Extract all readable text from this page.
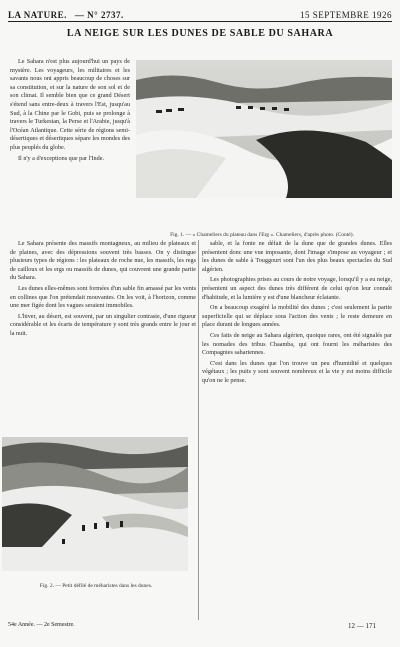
LA NATURE. — N° 2737.	15 SEPTEMBRE 1926
LA NEIGE SUR LES DUNES DE SABLE DU SAHARA
Fig. 1. — « Chameliers du plateau dans l'Erg ». Chameliers, d'après photo. (Conté).

Le Sahara n'est plus aujourd'hui un pays de mystère. Les voyageurs, les militaires et les savants nous ont appris beaucoup de choses sur sa constitution, et sur la nature de son sol et de son climat. Il semble bien que ce grand Désert s'étend sans entre-deux à travers l'Est, jusqu'au Sud, à la Chine par le Gobi, puis se prolonge à travers le Turkestan, la Perse et l'Arabie, jusqu'à l'Océan Atlantique. Cette série de régions semi-désertiques et désertiques sépare les mondes des plus peuplés du globe.

Il n'y a d'exceptions que par l'Inde.

Le Sahara présente des massifs montagneux, au milieu de plateaux et de plaines, avec des dépressions souvent très basses. On y distingue plusieurs types de régions : les plateaux de roche nue, les massifs, les regs de cailloux et les ergs ou massifs de dunes, qui couvrent une grande partie du Sahara.

Les dunes elles-mêmes sont formées d'un sable fin amassé par les vents en collines que l'on prétendait mouvantes. On les voit, à l'horizon, comme une mer figée dont les vagues seraient immobiles.

L'hiver, au désert, est souvent, par un singulier contraste, d'une rigueur considérable et les écarts de température y sont très grands entre le jour et la nuit.

sable, et la fonte ne défait de la dune que de grandes dunes. Elles présentent donc une vue imposante, dont l'image s'impose au voyageur ; et les dunes de sable à Touggourt sont l'un des plus beaux spectacles du Sud algérien.

Les photographies prises au cours de notre voyage, lorsqu'il y a eu neige, présentent un aspect des dunes très différent de celui qu'on leur connaît d'habitude, et la lumière y est d'une blancheur éclatante.

On a beaucoup exagéré la mobilité des dunes ; c'est seulement la partie superficielle qui se déplace sous l'action des vents ; le reste demeure en place durant de longues années.

Ces faits de neige au Sahara algérien, quoique rares, ont été signalés par les nomades des tribus Chaamba, qui ont fourni les méharistes des Compagnies sahariennes.

C'est dans les dunes que l'on trouve un peu d'humidité et quelques végétaux ; les puits y sont souvent nombreux et la vie y est moins difficile qu'on ne le pense.

Fig. 2. — Petit défilé de méharistes dans les dunes.
54e Année. — 2e Semestre.	12 — 171
